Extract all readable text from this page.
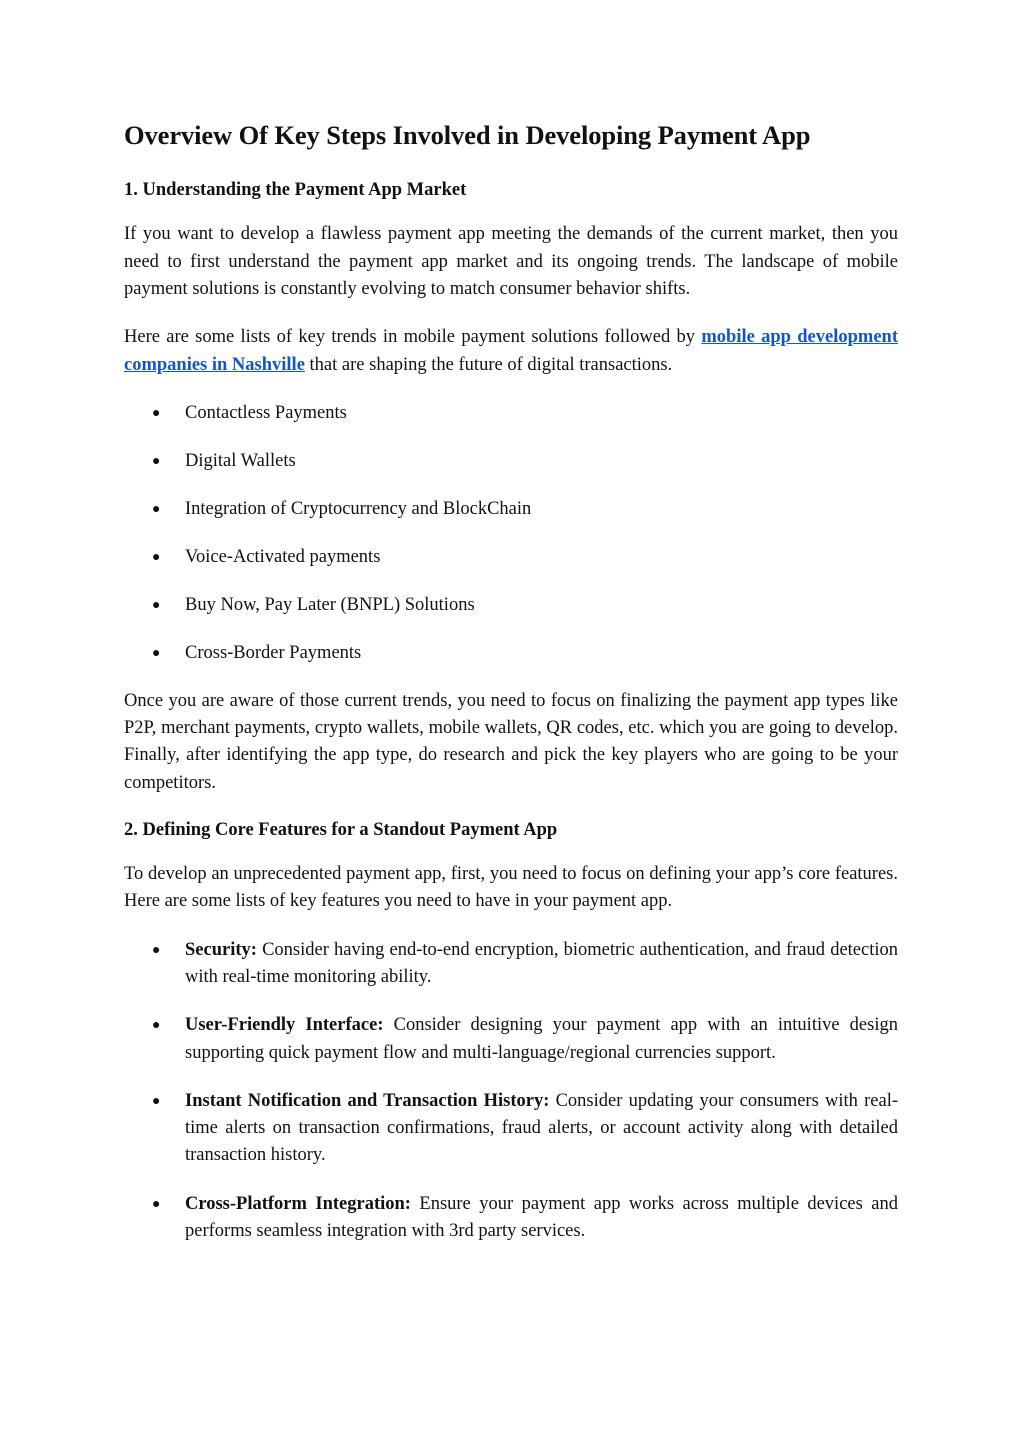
Overview Of Key Steps Involved in Developing Payment App
1. Understanding the Payment App Market

If you want to develop a flawless payment app meeting the demands of the current market, then you need to first understand the payment app market and its ongoing trends. The landscape of mobile payment solutions is constantly evolving to match consumer behavior shifts.

Here are some lists of key trends in mobile payment solutions followed by mobile app development companies in Nashville that are shaping the future of digital transactions.

● Contactless Payments
● Digital Wallets
● Integration of Cryptocurrency and BlockChain
● Voice-Activated payments
● Buy Now, Pay Later (BNPL) Solutions
● Cross-Border Payments

Once you are aware of those current trends, you need to focus on finalizing the payment app types like P2P, merchant payments, crypto wallets, mobile wallets, QR codes, etc. which you are going to develop. Finally, after identifying the app type, do research and pick the key players who are going to be your competitors.

2. Defining Core Features for a Standout Payment App

To develop an unprecedented payment app, first, you need to focus on defining your app’s core features. Here are some lists of key features you need to have in your payment app.

● Security: Consider having end-to-end encryption, biometric authentication, and fraud detection with real-time monitoring ability.
● User-Friendly Interface: Consider designing your payment app with an intuitive design supporting quick payment flow and multi-language/regional currencies support.
● Instant Notification and Transaction History: Consider updating your consumers with real-time alerts on transaction confirmations, fraud alerts, or account activity along with detailed transaction history.
● Cross-Platform Integration: Ensure your payment app works across multiple devices and performs seamless integration with 3rd party services.
